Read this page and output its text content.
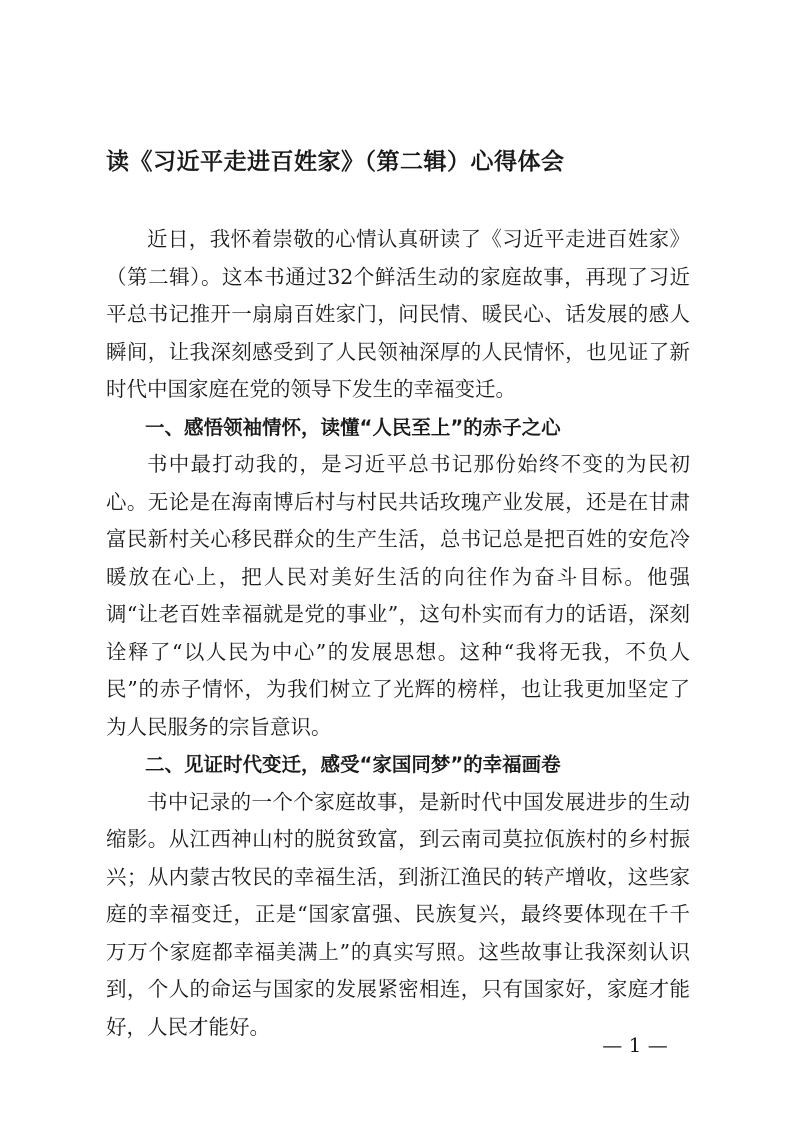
读《习近平走进百姓家》（第二辑）心得体会

近日，我怀着崇敬的心情认真研读了《习近平走进百姓家》（第二辑）。这本书通过32个鲜活生动的家庭故事，再现了习近平总书记推开一扇扇百姓家门，问民情、暖民心、话发展的感人瞬间，让我深刻感受到了人民领袖深厚的人民情怀，也见证了新时代中国家庭在党的领导下发生的幸福变迁。

一、感悟领袖情怀，读懂“人民至上”的赤子之心

书中最打动我的，是习近平总书记那份始终不变的为民初心。无论是在海南博后村与村民共话玫瑰产业发展，还是在甘肃富民新村关心移民群众的生产生活，总书记总是把百姓的安危冷暖放在心上，把人民对美好生活的向往作为奋斗目标。他强调“让老百姓幸福就是党的事业”，这句朴实而有力的话语，深刻诠释了“以人民为中心”的发展思想。这种“我将无我，不负人民”的赤子情怀，为我们树立了光辉的榜样，也让我更加坚定了为人民服务的宗旨意识。

二、见证时代变迁，感受“家国同梦”的幸福画卷

书中记录的一个个家庭故事，是新时代中国发展进步的生动缩影。从江西神山村的脱贫致富，到云南司莫拉佤族村的乡村振兴；从内蒙古牧民的幸福生活，到浙江渔民的转产增收，这些家庭的幸福变迁，正是“国家富强、民族复兴，最终要体现在千千万万个家庭都幸福美满上”的真实写照。这些故事让我深刻认识到，个人的命运与国家的发展紧密相连，只有国家好，家庭才能好，人民才能好。

— 1 —
